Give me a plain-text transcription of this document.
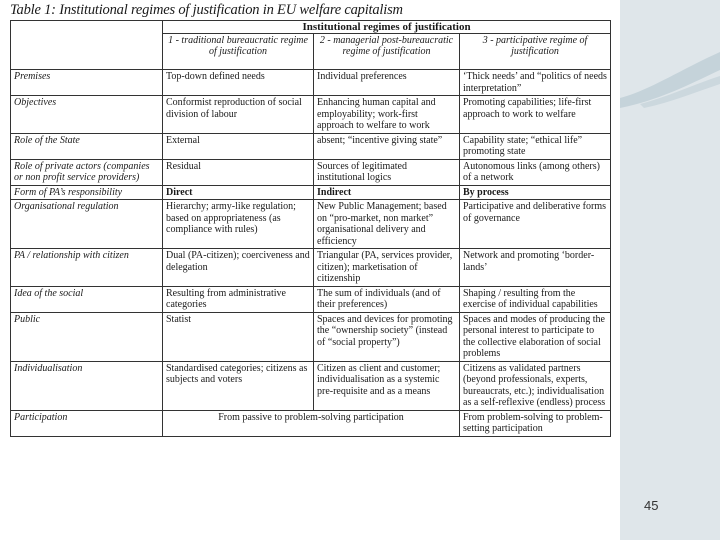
Table 1: Institutional regimes of justification in EU welfare capitalism
	Institutional regimes of justification		
	1 - traditional bureaucratic regime of justification	2 - managerial post-bureaucratic regime of justification	3 - participative regime of justification
Premises	Top-down defined needs	Individual preferences	‘Thick needs’ and “politics of needs interpretation”
Objectives	Conformist reproduction of social division of labour	Enhancing human capital and employability; work-first approach to welfare to work	Promoting capabilities; life-first approach to work to welfare
Role of the State	External	absent; “incentive giving state”	Capability state; “ethical life” promoting state
Role of private actors (companies or non profit service providers)	Residual	Sources of legitimated institutional logics	Autonomous links (among others) of a network
Form of PA’s responsibility	Direct	Indirect	By process
Organisational regulation	Hierarchy; army-like regulation; based on appropriateness (as compliance with rules)	New Public Management; based on “pro-market, non market” organisational delivery and efficiency	Participative and deliberative forms of governance
PA / relationship with citizen	Dual (PA-citizen); coerciveness and delegation	Triangular (PA, services provider, citizen); marketisation of citizenship	Network and promoting ‘border-lands’
Idea of the social	Resulting from administrative categories	The sum of individuals (and of their preferences)	Shaping / resulting from the exercise of individual capabilities
Public	Statist	Spaces and devices for promoting the “ownership society” (instead of “social property”)	Spaces and modes of producing the personal interest to participate to the collective elaboration of social problems
Individualisation	Standardised categories; citizens as subjects and voters	Citizen as client and customer; individualisation as a systemic pre-requisite and as a means	Citizens as validated partners (beyond professionals, experts, bureaucrats, etc.); individualisation as a self-reflexive (endless) process
Participation	From passive to problem-solving participation		From problem-solving to problem-setting participation
45
